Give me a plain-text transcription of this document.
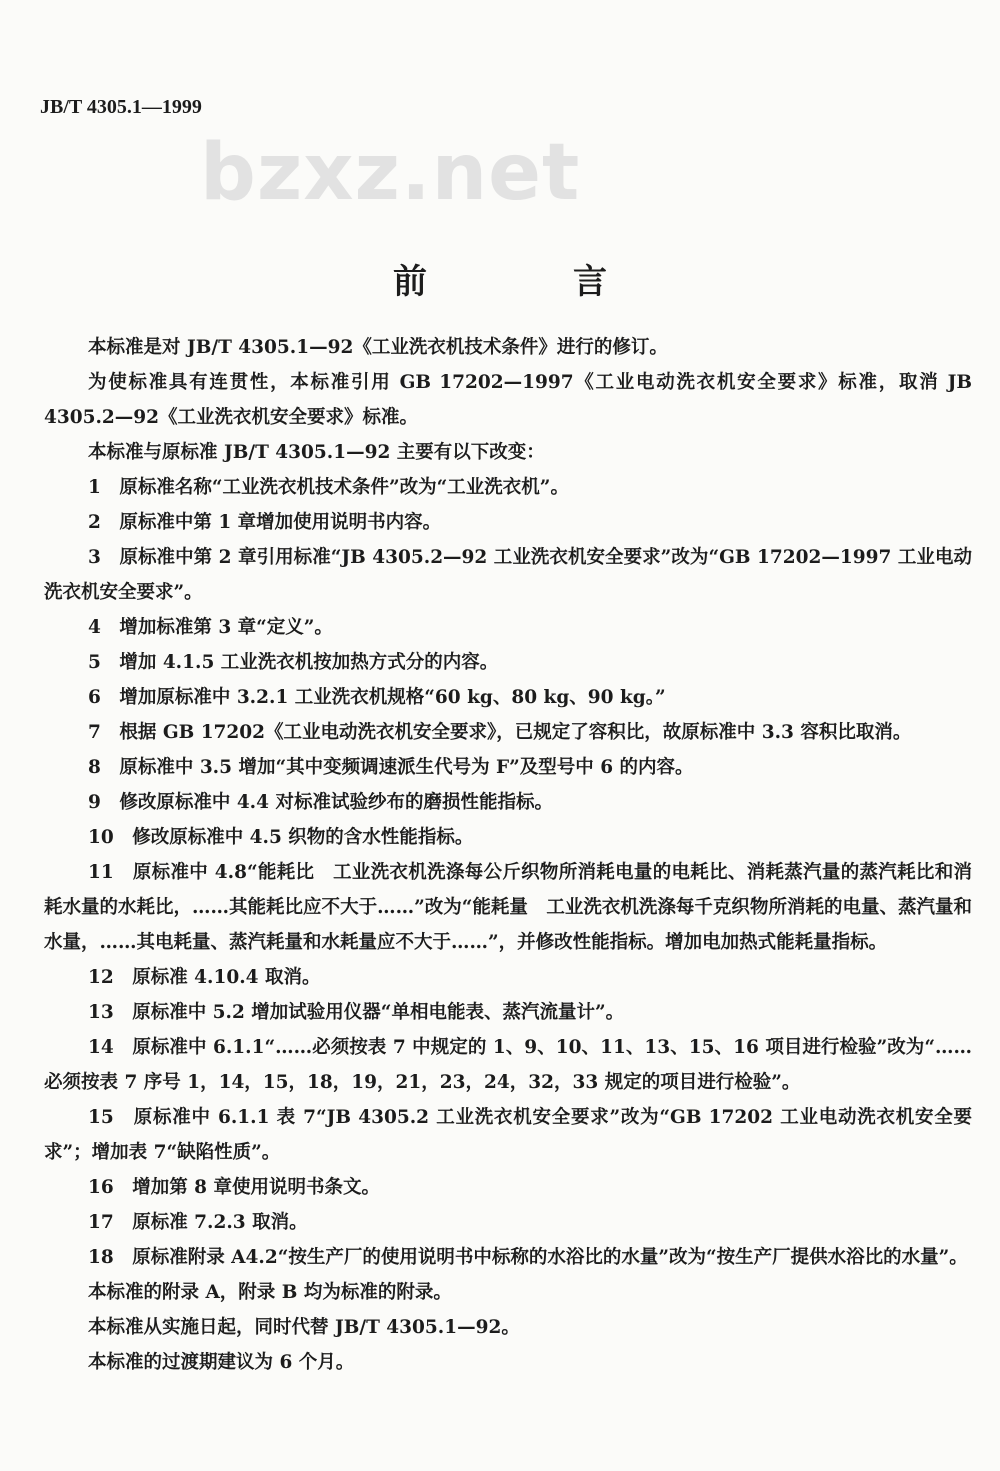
JB/T 4305.1—1999
bzxz.net
前　言

本标准是对 JB/T 4305.1—92《工业洗衣机技术条件》进行的修订。

为使标准具有连贯性，本标准引用 GB 17202—1997《工业电动洗衣机安全要求》标准，取消 JB 4305.2—92《工业洗衣机安全要求》标准。

本标准与原标准 JB/T 4305.1—92 主要有以下改变：

1　原标准名称“工业洗衣机技术条件”改为“工业洗衣机”。

2　原标准中第 1 章增加使用说明书内容。

3　原标准中第 2 章引用标准“JB 4305.2—92 工业洗衣机安全要求”改为“GB 17202—1997 工业电动洗衣机安全要求”。

4　增加标准第 3 章“定义”。

5　增加 4.1.5 工业洗衣机按加热方式分的内容。

6　增加原标准中 3.2.1 工业洗衣机规格“60 kg、80 kg、90 kg。”

7　根据 GB 17202《工业电动洗衣机安全要求》，已规定了容积比，故原标准中 3.3 容积比取消。

8　原标准中 3.5 增加“其中变频调速派生代号为 F”及型号中 6 的内容。

9　修改原标准中 4.4 对标准试验纱布的磨损性能指标。

10　修改原标准中 4.5 织物的含水性能指标。

11　原标准中 4.8“能耗比　工业洗衣机洗涤每公斤织物所消耗电量的电耗比、消耗蒸汽量的蒸汽耗比和消耗水量的水耗比，……其能耗比应不大于……”改为“能耗量　工业洗衣机洗涤每千克织物所消耗的电量、蒸汽量和水量，……其电耗量、蒸汽耗量和水耗量应不大于……”，并修改性能指标。增加电加热式能耗量指标。

12　原标准 4.10.4 取消。

13　原标准中 5.2 增加试验用仪器“单相电能表、蒸汽流量计”。

14　原标准中 6.1.1“……必须按表 7 中规定的 1、9、10、11、13、15、16 项目进行检验”改为“……必须按表 7 序号 1，14，15，18，19，21，23，24，32，33 规定的项目进行检验”。

15　原标准中 6.1.1 表 7“JB 4305.2 工业洗衣机安全要求”改为“GB 17202 工业电动洗衣机安全要求”；增加表 7“缺陷性质”。

16　增加第 8 章使用说明书条文。

17　原标准 7.2.3 取消。

18　原标准附录 A4.2“按生产厂的使用说明书中标称的水浴比的水量”改为“按生产厂提供水浴比的水量”。

本标准的附录 A，附录 B 均为标准的附录。

本标准从实施日起，同时代替 JB/T 4305.1—92。

本标准的过渡期建议为 6 个月。
